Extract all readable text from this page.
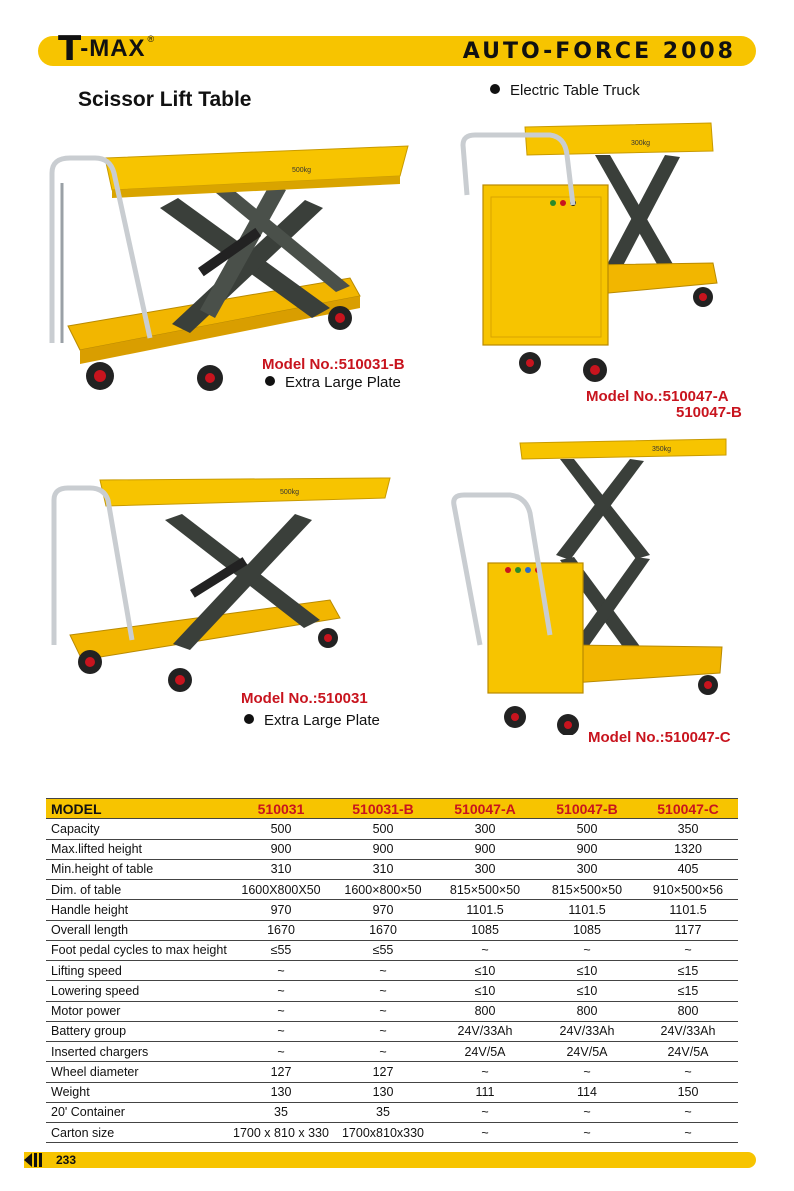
T -MAX ®	AUTO-FORCE 2008
Scissor Lift Table	Electric Table Truck
500kg
Model No.:510031-B
Extra Large Plate
300kg
Model No.:510047-A
510047-B
500kg
Model No.:510031
Extra Large Plate
350kg
Model No.:510047-C
MODEL	510031	510031-B	510047-A	510047-B	510047-C
Capacity	500	500	300	500	350
Max.lifted height	900	900	900	900	1320
Min.height of table	310	310	300	300	405
Dim. of table	1600X800X50	1600×800×50	815×500×50	815×500×50	910×500×56
Handle height	970	970	1101.5	1101.5	1101.5
Overall length	1670	1670	1085	1085	1177
Foot pedal cycles to max height	≤55	≤55	~	~	~
Lifting speed	~	~	≤10	≤10	≤15
Lowering speed	~	~	≤10	≤10	≤15
Motor power	~	~	800	800	800
Battery group	~	~	24V/33Ah	24V/33Ah	24V/33Ah
Inserted chargers	~	~	24V/5A	24V/5A	24V/5A
Wheel diameter	127	127	~	~	~
Weight	130	130	111	114	150
20' Container	35	35	~	~	~
Carton size	1700 x 810 x 330	1700x810x330	~	~	~
233
